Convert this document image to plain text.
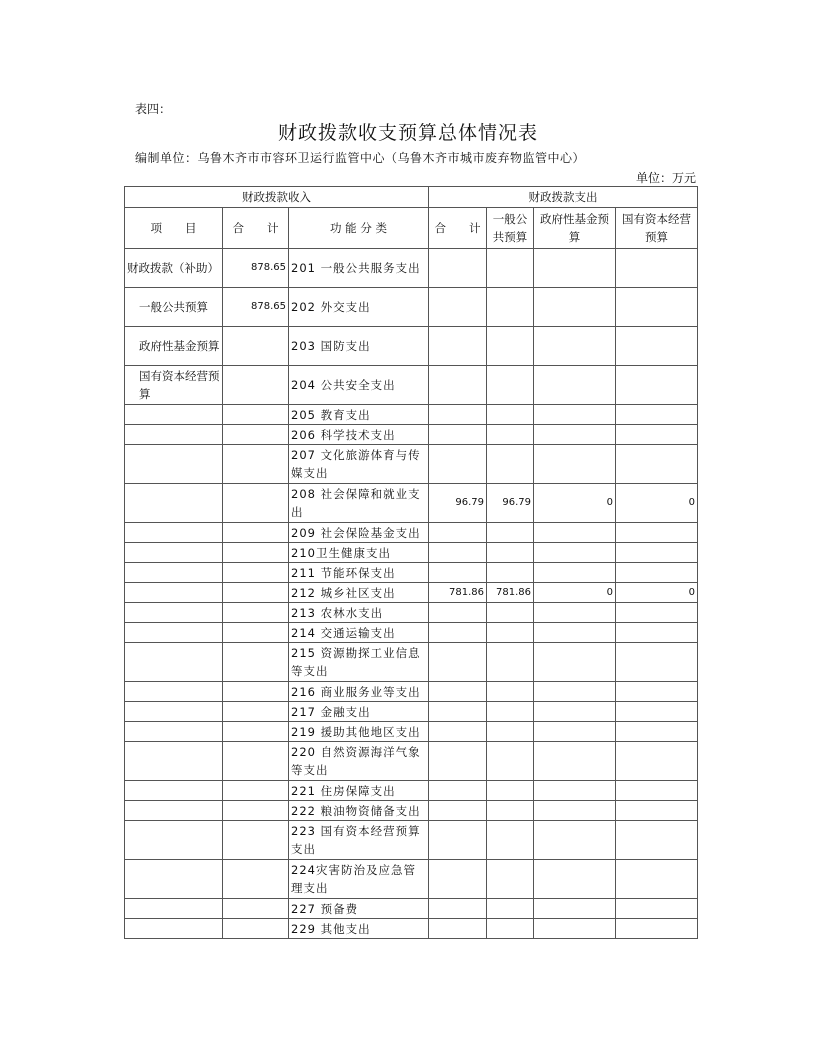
表四：
财政拨款收支预算总体情况表
编制单位：乌鲁木齐市市容环卫运行监管中心（乌鲁木齐市城市废弃物监管中心）
单位：万元
财政拨款收入			财政拨款支出			
项　　目	合　　计	功 能 分 类	合　　计	一般公共预算	政府性基金预算	国有资本经营预算
财政拨款（补助）	878.65	201 一般公共服务支出				
一般公共预算	878.65	202 外交支出				
政府性基金预算		203 国防支出				
国有资本经营预算		204 公共安全支出				
		205 教育支出				
		206 科学技术支出				
		207 文化旅游体育与传媒支出				
		208 社会保障和就业支出	96.79	96.79	0	0
		209 社会保险基金支出				
		210卫生健康支出				
		211 节能环保支出				
		212 城乡社区支出	781.86	781.86	0	0
		213 农林水支出				
		214 交通运输支出				
		215 资源勘探工业信息等支出				
		216 商业服务业等支出				
		217 金融支出				
		219 援助其他地区支出				
		220 自然资源海洋气象等支出				
		221 住房保障支出				
		222 粮油物资储备支出				
		223 国有资本经营预算支出				
		224灾害防治及应急管理支出				
		227 预备费				
		229 其他支出				
